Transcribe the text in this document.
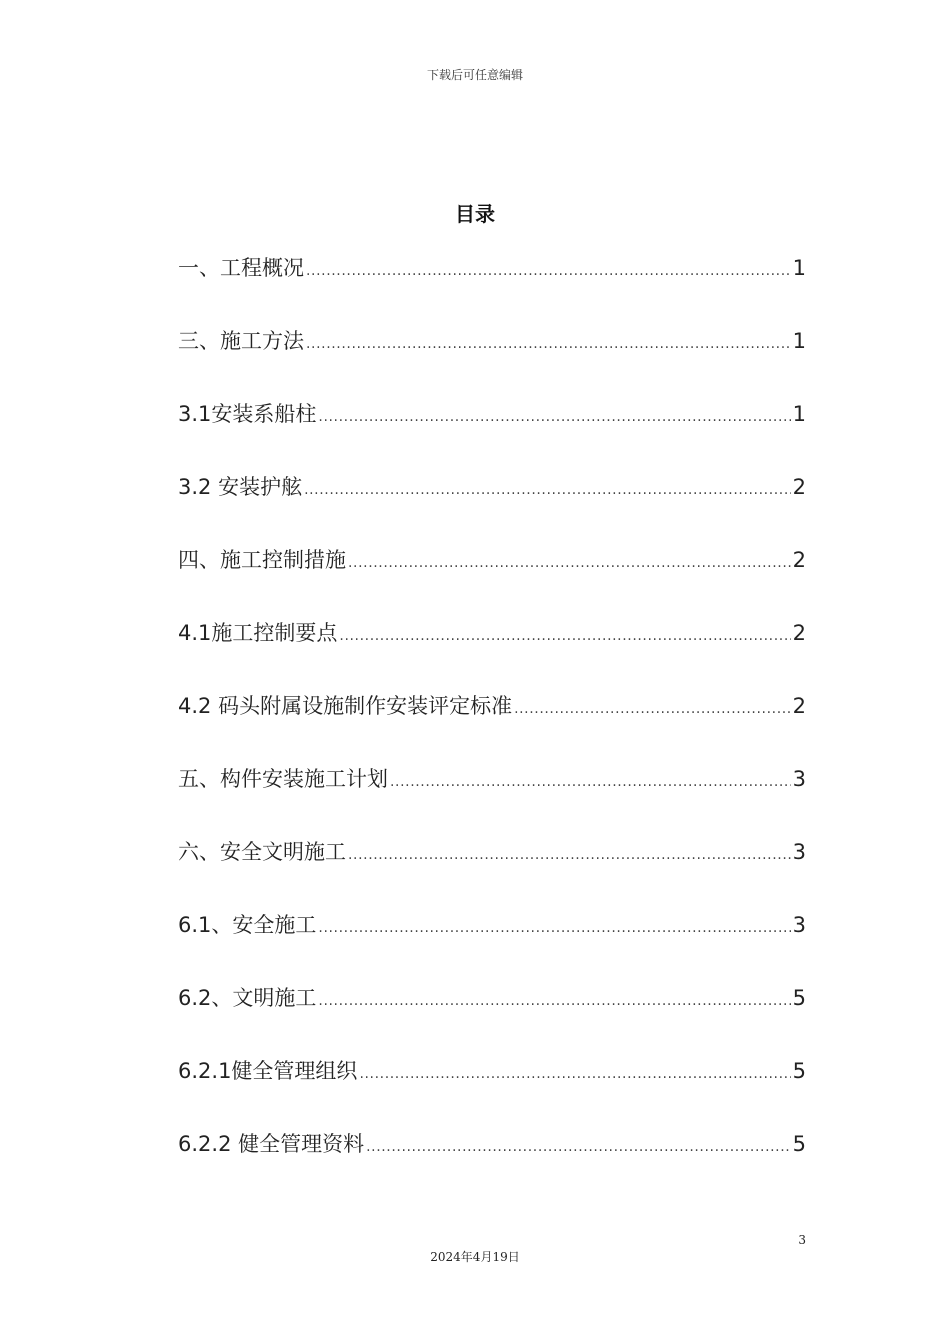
下载后可任意编辑
目录
一、工程概况 .....	1
三、施工方法 .....	1
3.1安装系船柱 .....	1
3.2 安装护舷 .....	2
四、施工控制措施 .....	2
4.1施工控制要点 .....	2
4.2 码头附属设施制作安装评定标准 .....	2
五、构件安装施工计划 .....	3
六、安全文明施工 .....	3
6.1、安全施工 .....	3
6.2、文明施工 .....	5
6.2.1健全管理组织 .....	5
6.2.2 健全管理资料 .....	5
3
2024年4月19日
